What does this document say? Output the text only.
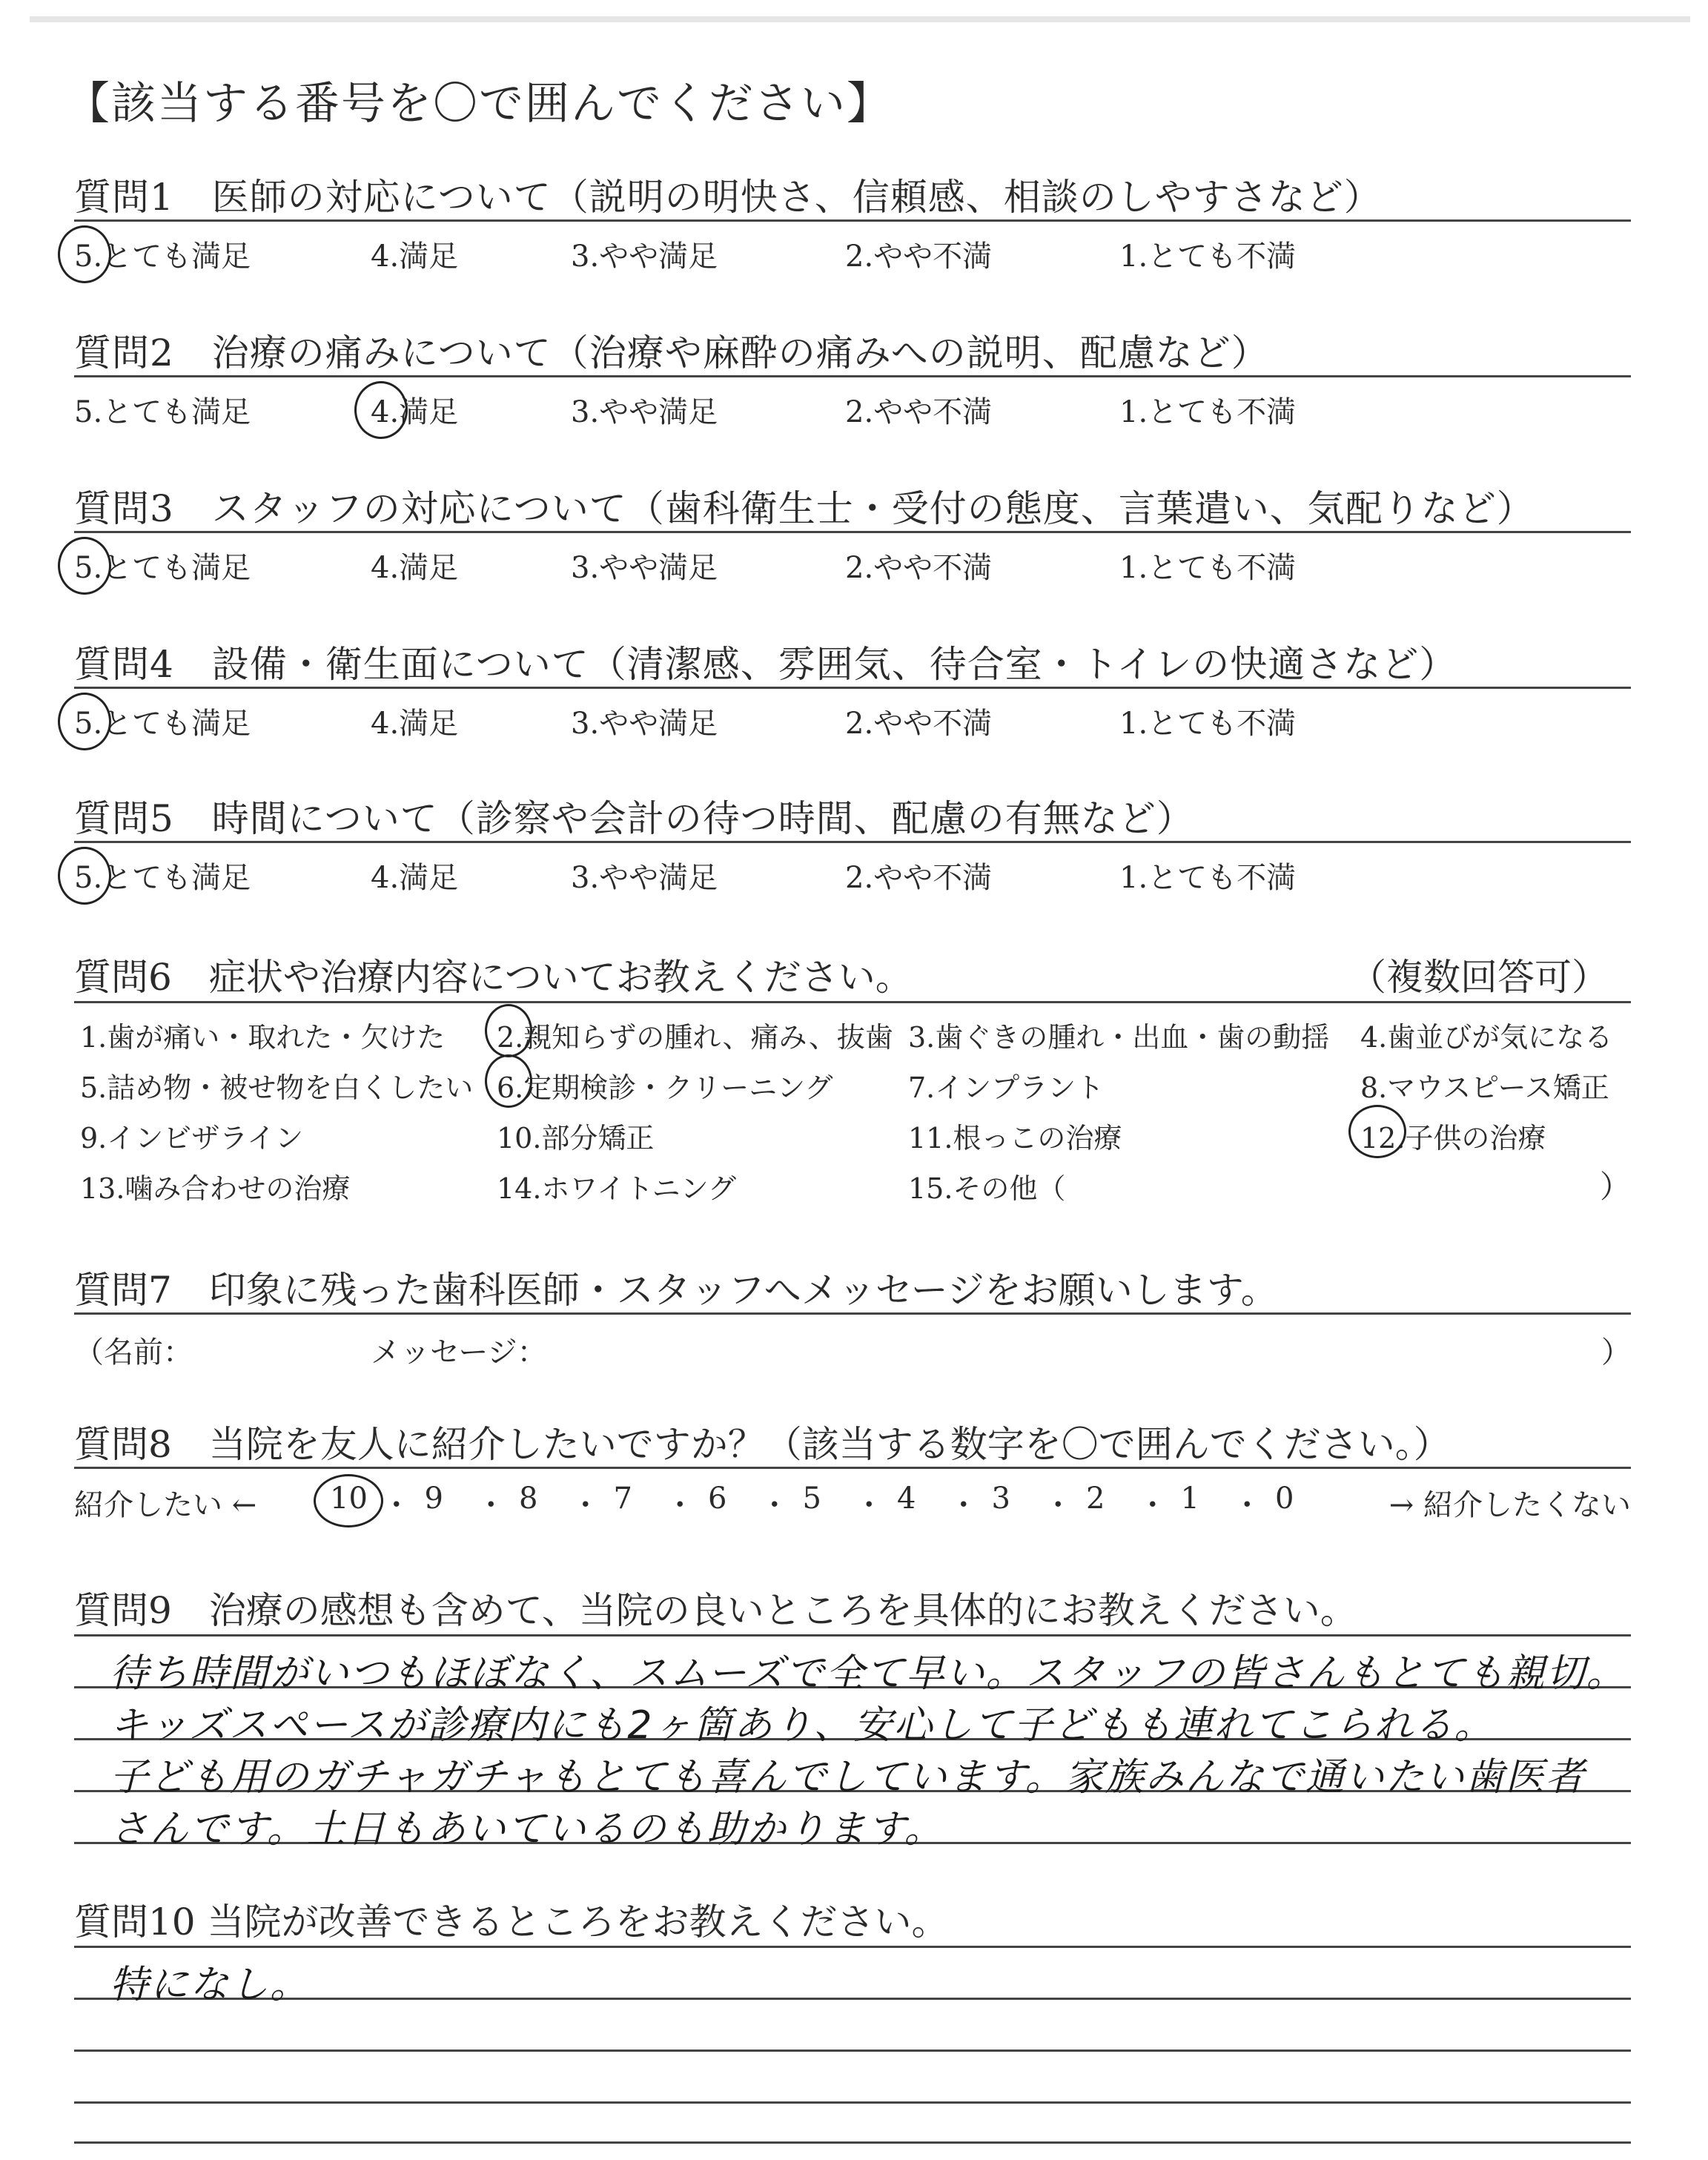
【該当する番号を〇で囲んでください】
質問1　医師の対応について（説明の明快さ、信頼感、相談のしやすさなど）
5.とても満足	4.満足	3.やや満足	2.やや不満	1.とても不満
質問2　治療の痛みについて（治療や麻酔の痛みへの説明、配慮など）
5.とても満足	4.満足	3.やや満足	2.やや不満	1.とても不満
質問3　スタッフの対応について（歯科衛生士・受付の態度、言葉遣い、気配りなど）
5.とても満足	4.満足	3.やや満足	2.やや不満	1.とても不満
質問4　設備・衛生面について（清潔感、雰囲気、待合室・トイレの快適さなど）
5.とても満足	4.満足	3.やや満足	2.やや不満	1.とても不満
質問5　時間について（診察や会計の待つ時間、配慮の有無など）
5.とても満足	4.満足	3.やや満足	2.やや不満	1.とても不満
質問6　症状や治療内容についてお教えください。	（複数回答可）
1.歯が痛い・取れた・欠けた 2.親知らずの腫れ、痛み、抜歯 3.歯ぐきの腫れ・出血・歯の動揺 4.歯並びが気になる
5.詰め物・被せ物を白くしたい 6.定期検診・クリーニング	7.インプラント	8.マウスピース矯正
9.インビザライン	10.部分矯正	11.根っこの治療	12.子供の治療
13.噛み合わせの治療	14.ホワイトニング	15.その他（	）
質問7　印象に残った歯科医師・スタッフへメッセージをお願いします。
（名前：	メッセージ：	）
質問8　当院を友人に紹介したいですか？（該当する数字を〇で囲んでください。）
紹介したい ← 10 ・ 9 ・ 8 ・ 7 ・ 6 ・ 5 ・ 4 ・ 3 ・ 2 ・ 1 ・ 0	→ 紹介したくない
質問9　治療の感想も含めて、当院の良いところを具体的にお教えください。
待ち時間がいつもほぼなく、スムーズで全て早い。スタッフの皆さんもとても親切。
キッズスペースが診療内にも2ヶ箇あり、安心して子どもも連れてこられる。
子ども用のガチャガチャもとても喜んでしています。家族みんなで通いたい歯医者
さんです。土日もあいているのも助かります。
質問10 当院が改善できるところをお教えください。
特になし。
